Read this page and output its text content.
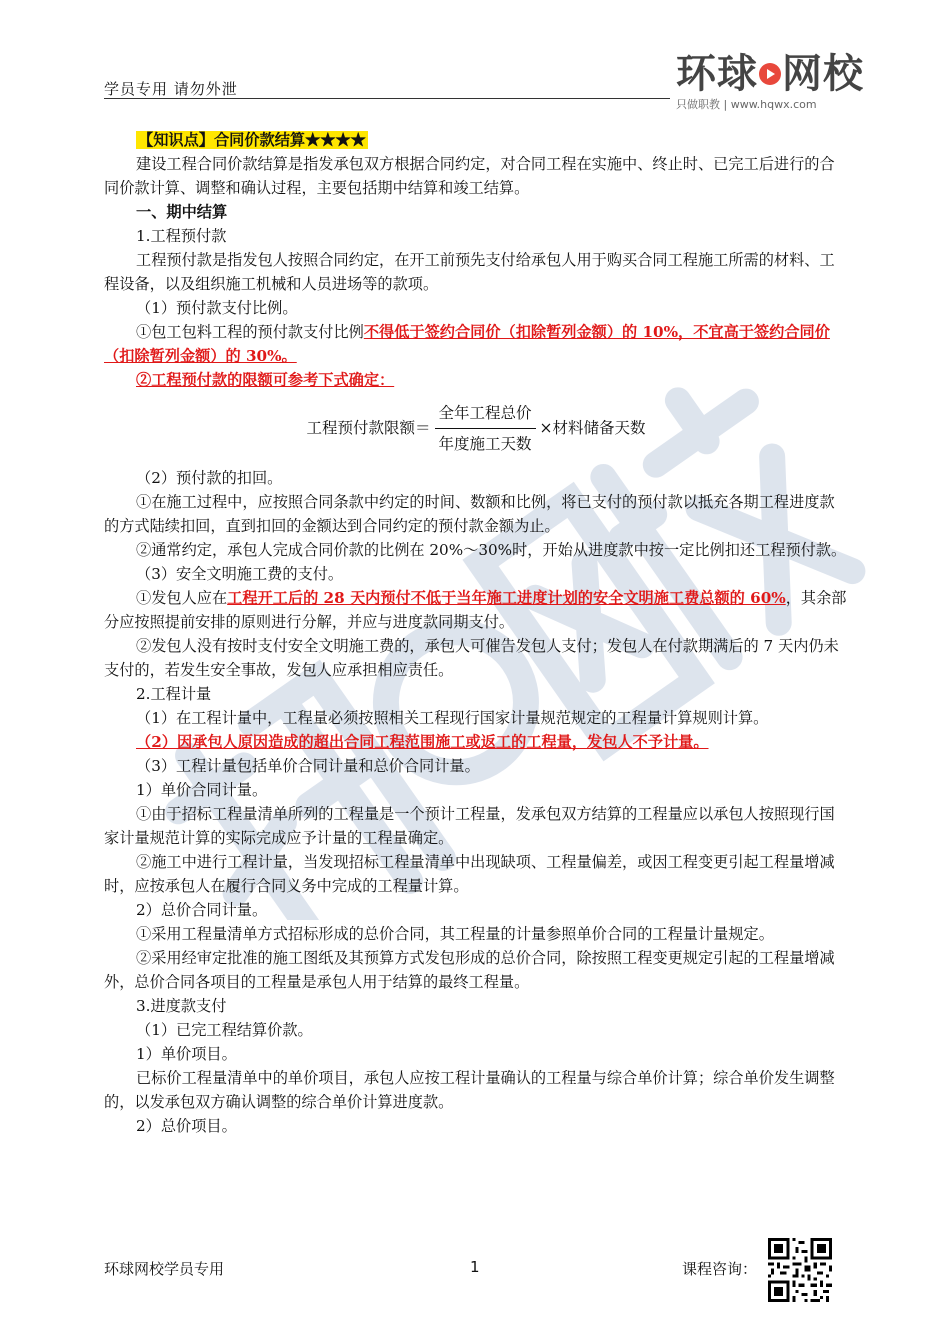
学员专用 请勿外泄	环球 网校
只做职教 | www.hqwx.com

【知识点】合同价款结算★★★★

建设工程合同价款结算是指发承包双方根据合同约定，对合同工程在实施中、终止时、已完工后进行的合同价款计算、调整和确认过程，主要包括期中结算和竣工结算。

一、期中结算

1.工程预付款

工程预付款是指发包人按照合同约定，在开工前预先支付给承包人用于购买合同工程施工所需的材料、工程设备，以及组织施工机械和人员进场等的款项。

（1）预付款支付比例。

①包工包料工程的预付款支付比例不得低于签约合同价（扣除暂列金额）的 10%，不宜高于签约合同价（扣除暂列金额）的 30%。

②工程预付款的限额可参考下式确定：

工程预付款限额＝ $\frac{\text{全年工程总价}}{\text{年度施工天数}}$ ×材料储备天数

（2）预付款的扣回。

①在施工过程中，应按照合同条款中约定的时间、数额和比例，将已支付的预付款以抵充各期工程进度款的方式陆续扣回，直到扣回的金额达到合同约定的预付款金额为止。

②通常约定，承包人完成合同价款的比例在 20%～30%时，开始从进度款中按一定比例扣还工程预付款。

（3）安全文明施工费的支付。

①发包人应在工程开工后的 28 天内预付不低于当年施工进度计划的安全文明施工费总额的 60%，其余部分应按照提前安排的原则进行分解，并应与进度款同期支付。

②发包人没有按时支付安全文明施工费的，承包人可催告发包人支付；发包人在付款期满后的 7 天内仍未支付的，若发生安全事故，发包人应承担相应责任。

2.工程计量

（1）在工程计量中，工程量必须按照相关工程现行国家计量规范规定的工程量计算规则计算。

（2）因承包人原因造成的超出合同工程范围施工或返工的工程量，发包人不予计量。

（3）工程计量包括单价合同计量和总价合同计量。

1）单价合同计量。

①由于招标工程量清单所列的工程量是一个预计工程量，发承包双方结算的工程量应以承包人按照现行国家计量规范计算的实际完成应予计量的工程量确定。

②施工中进行工程计量，当发现招标工程量清单中出现缺项、工程量偏差，或因工程变更引起工程量增减时，应按承包人在履行合同义务中完成的工程量计算。

2）总价合同计量。

①采用工程量清单方式招标形成的总价合同，其工程量的计量参照单价合同的工程量计量规定。

②采用经审定批准的施工图纸及其预算方式发包形成的总价合同，除按照工程变更规定引起的工程量增减外，总价合同各项目的工程量是承包人用于结算的最终工程量。

3.进度款支付

（1）已完工程结算价款。

1）单价项目。

已标价工程量清单中的单价项目，承包人应按工程计量确认的工程量与综合单价计算；综合单价发生调整的，以发承包双方确认调整的综合单价计算进度款。

2）总价项目。

环球网校学员专用	1	课程咨询：
